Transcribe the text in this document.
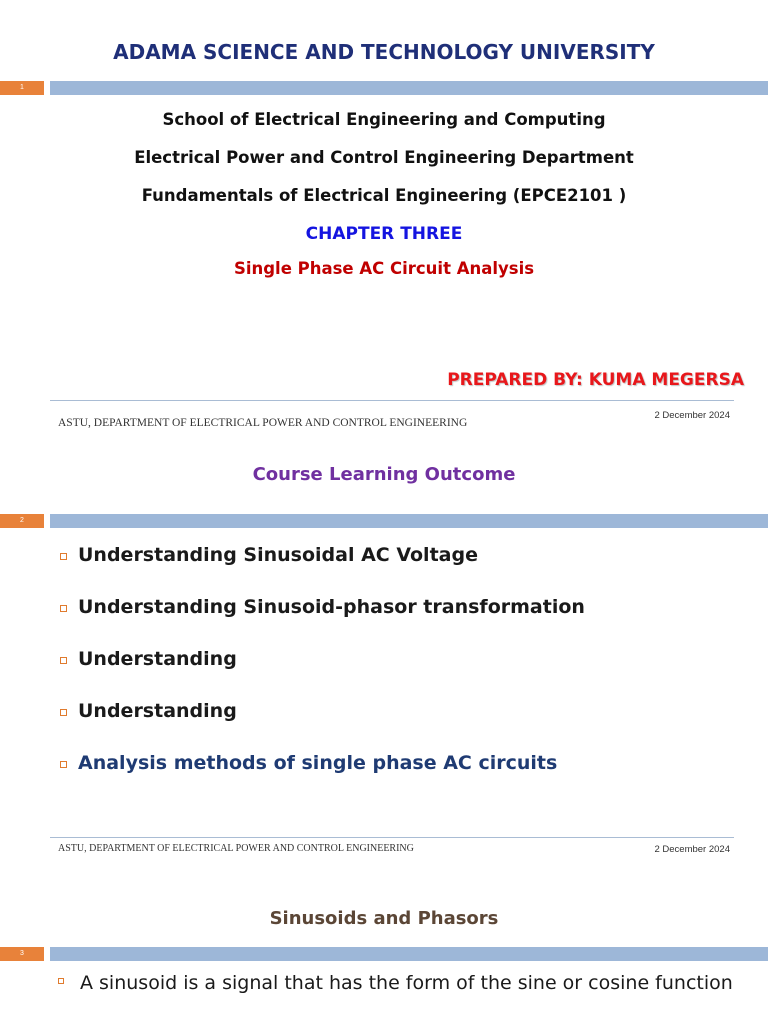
ADAMA SCIENCE AND TECHNOLOGY UNIVERSITY
1
School of Electrical Engineering and Computing
Electrical Power and Control Engineering Department
Fundamentals of Electrical Engineering (EPCE2101 )
CHAPTER THREE
Single Phase AC Circuit Analysis
PREPARED BY: KUMA MEGERSA
ASTU, DEPARTMENT OF ELECTRICAL POWER AND CONTROL ENGINEERING
2 December 2024
Course Learning Outcome
2
Understanding Sinusoidal AC Voltage
Understanding Sinusoid-phasor transformation
Understanding
Understanding
Analysis methods of single phase AC circuits
ASTU, DEPARTMENT OF ELECTRICAL POWER AND CONTROL ENGINEERING	2 December 2024
Sinusoids and Phasors
3
A sinusoid is a signal that has the form of the sine or cosine function
